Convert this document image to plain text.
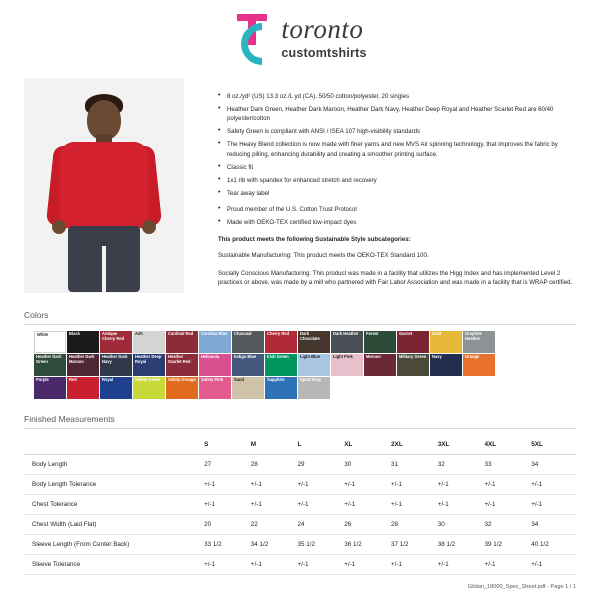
toronto
customtshirts
• 8 oz./yd² (US) 13.3 oz./L yd (CA), 50/50 cotton/polyester, 20 singles
• Heather Dark Green, Heather Dark Maroon, Heather Dark Navy, Heather Deep Royal and Heather Scarlet Red are 60/40 polyester/cotton
• Safety Green is compliant with ANSI / ISEA 107 high-visibility standards
• The Heavy Blend collection is now made with finer yarns and new MVS Air spinning technology, that improves the fabric by reducing pilling, enhancing durability and creating a smoother printing surface.
• Classic fit
• 1x1 rib with spandex for enhanced stretch and recovery
• Tear away label
• Proud member of the U.S. Cotton Trust Protocol
• Made with OEKO-TEX certified low-impact dyes
This product meets the following Sustainable Style subcategories:
Sustainable Manufacturing: This product meets the OEKO-TEX Standard 100.
Socially Conscious Manufacturing: This product was made in a facility that utilizes the Higg Index and has implemented Level 2 practices or above, was made by a mill who partnered with Fair Labor Association and was made in a facility that is WRAP certified.
Colors
White	Black	Antique Cherry Red
Ash	Cardinal Red	Carolina Blue	Charcoal	Cherry Red	Dark Chocolate
Dark Heather	Forest	Garnet	Gold	Graphite Heather
Heather Dark Green
Heather Dark Maroon
Heather Dark Navy
Heather Deep Royal
Heather Scarlet Red
Heliconia	Indigo Blue	Irish Green	Light Blue	Light Pink	Maroon	Military Green	Navy	Orange
Purple	Red	Royal	Safety Green	Safety Orange	Safety Pink	Sand	Sapphire	Sport Grey
Finished Measurements
	S	M	L	XL	2XL	3XL	4XL	5XL
Body Length	27	28	29	30	31	32	33	34
Body Length Tolerance	+/-1	+/-1	+/-1	+/-1	+/-1	+/-1	+/-1	+/-1
Chest Tolerance	+/-1	+/-1	+/-1	+/-1	+/-1	+/-1	+/-1	+/-1
Chest Width (Laid Flat)	20	22	24	26	28	30	32	34
Sleeve Length (From Center Back)	33 1/2	34 1/2	35 1/2	36 1/2	37 1/2	38 1/2	39 1/2	40 1/2
Sleeve Tolerance	+/-1	+/-1	+/-1	+/-1	+/-1	+/-1	+/-1	+/-1
Gildan_18000_Spec_Sheet.pdf - Page 1 / 1
